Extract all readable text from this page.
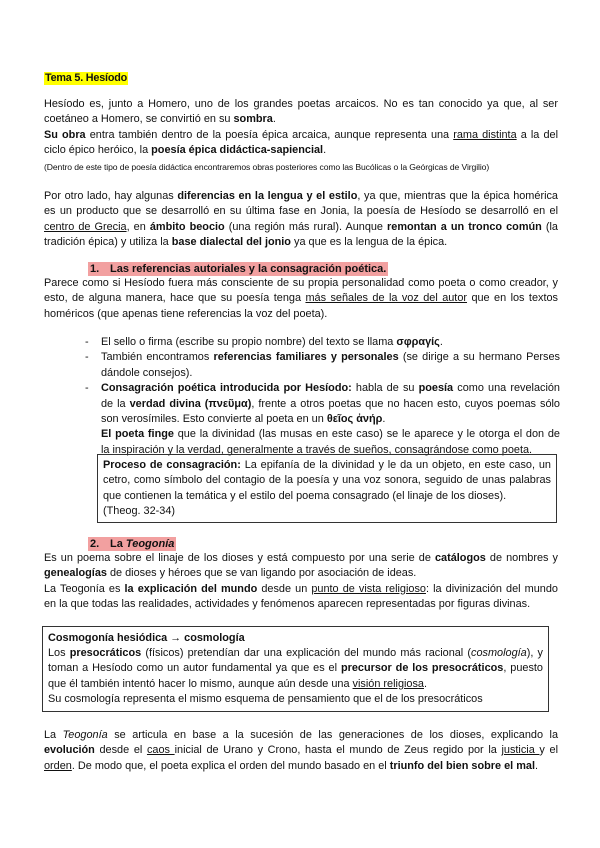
Tema 5. Hesíodo
Hesíodo es, junto a Homero, uno de los grandes poetas arcaicos. No es tan conocido ya que, al ser
coetáneo a Homero, se convirtió en su sombra.
Su obra entra también dentro de la poesía épica arcaica, aunque representa una rama distinta a la del
ciclo épico heróico, la poesía épica didáctica-sapiencial.
(Dentro de este tipo de poesía didáctica encontraremos obras posteriores como las Bucólicas o la Geórgicas de Virgilio)
Por otro lado, hay algunas diferencias en la lengua y el estilo, ya que, mientras que la épica homérica
es un producto que se desarrolló en su última fase en Jonia, la poesía de Hesíodo se desarrolló en el
centro de Grecia, en ámbito beocio (una región más rural). Aunque remontan a un tronco común (la
tradición épica) y utiliza la base dialectal del jonio ya que es la lengua de la épica.
1. Las referencias autoriales y la consagración poética.
Parece como si Hesíodo fuera más consciente de su propia personalidad como poeta o como creador, y
esto, de alguna manera, hace que su poesía tenga más señales de la voz del autor que en los textos
homéricos (que apenas tiene referencias la voz del poeta).
- El sello o firma (escribe su propio nombre) del texto se llama σφραγίς.
- También encontramos referencias familiares y personales (se dirige a su hermano Perses
dándole consejos).
- Consagración poética introducida por Hesíodo: habla de su poesía como una revelación
de la verdad divina (πνεῦμα), frente a otros poetas que no hacen esto, cuyos poemas sólo
son verosímiles. Esto convierte al poeta en un θεῖος ἀνήρ.
El poeta finge que la divinidad (las musas en este caso) se le aparece y le otorga el don de
la inspiración y la verdad, generalmente a través de sueños, consagrándose como poeta.
Proceso de consagración: La epifanía de la divinidad y le da un objeto, en este caso, un
cetro, como símbolo del contagio de la poesía y una voz sonora, seguido de unas palabras
que contienen la temática y el estilo del poema consagrado (el linaje de los dioses).
(Theog. 32-34)
2. La Teogonía
Es un poema sobre el linaje de los dioses y está compuesto por una serie de catálogos de nombres y
genealogías de dioses y héroes que se van ligando por asociación de ideas.
La Teogonía es la explicación del mundo desde un punto de vista religioso: la divinización del mundo
en la que todas las realidades, actividades y fenómenos aparecen representadas por figuras divinas.
Cosmogonía hesiódica → cosmología
Los presocráticos (físicos) pretendían dar una explicación del mundo más racional (cosmología), y
toman a Hesíodo como un autor fundamental ya que es el precursor de los presocráticos, puesto
que él también intentó hacer lo mismo, aunque aún desde una visión religiosa.
Su cosmología representa el mismo esquema de pensamiento que el de los presocráticos
La Teogonía se articula en base a la sucesión de las generaciones de los dioses, explicando la
evolución desde el caos inicial de Urano y Crono, hasta el mundo de Zeus regido por la justicia y el
orden. De modo que, el poeta explica el orden del mundo basado en el triunfo del bien sobre el mal.
